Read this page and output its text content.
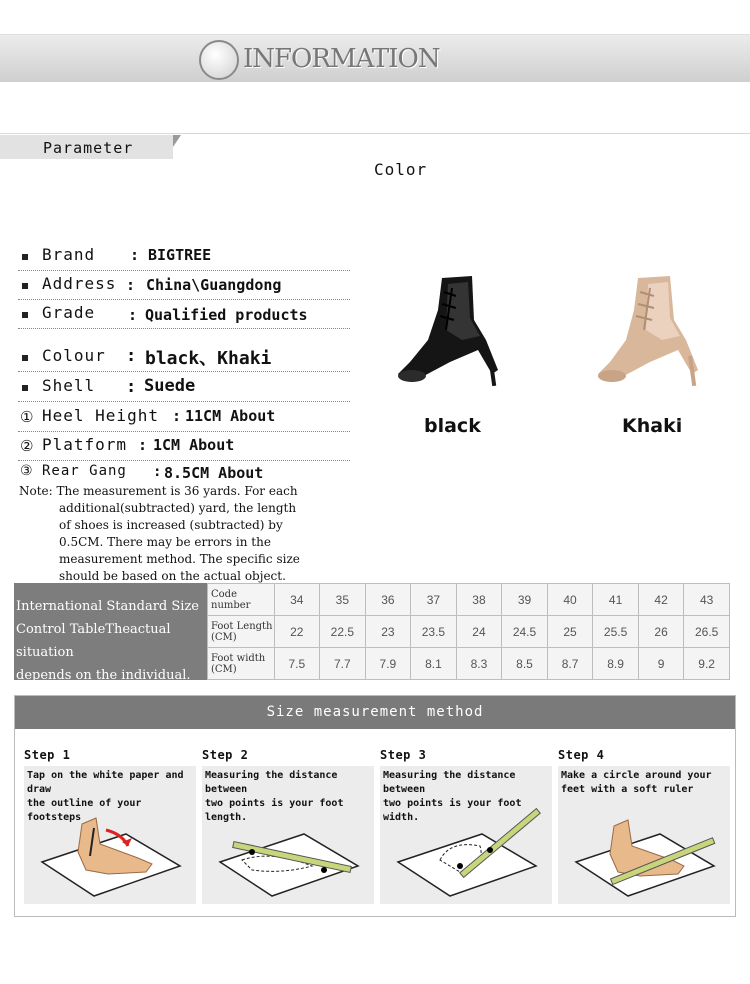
INFORMATION
Parameter
Color
Brand : BIGTREE
Address : China\Guangdong
Grade : Qualified products
Colour : black、Khaki
Shell : Suede
① Heel Height : 11CM About
② Platform : 1CM About
③ Rear Gang : 8.5CM About
Note: The measurement is 36 yards. For each
additional(subtracted) yard, the length
of shoes is increased (subtracted) by
0.5CM. There may be errors in the
measurement method. The specific size
should be based on the actual object.
black	Khaki
International Standard Size
Control TableTheactual situation
depends on the individual.
Code number	34	35	36	37	38	39	40	41	42	43
Foot Length (CM)	22	22.5	23	23.5	24	24.5	25	25.5	26	26.5
Foot width (CM)	7.5	7.7	7.9	8.1	8.3	8.5	8.7	8.9	9	9.2
Size measurement method
Step 1
Tap on the white paper and draw
the outline of your footsteps
Step 2
Measuring the distance between
two points is your foot length.
Step 3
Measuring the distance between
two points is your foot width.
Step 4
Make a circle around your
feet with a soft ruler
